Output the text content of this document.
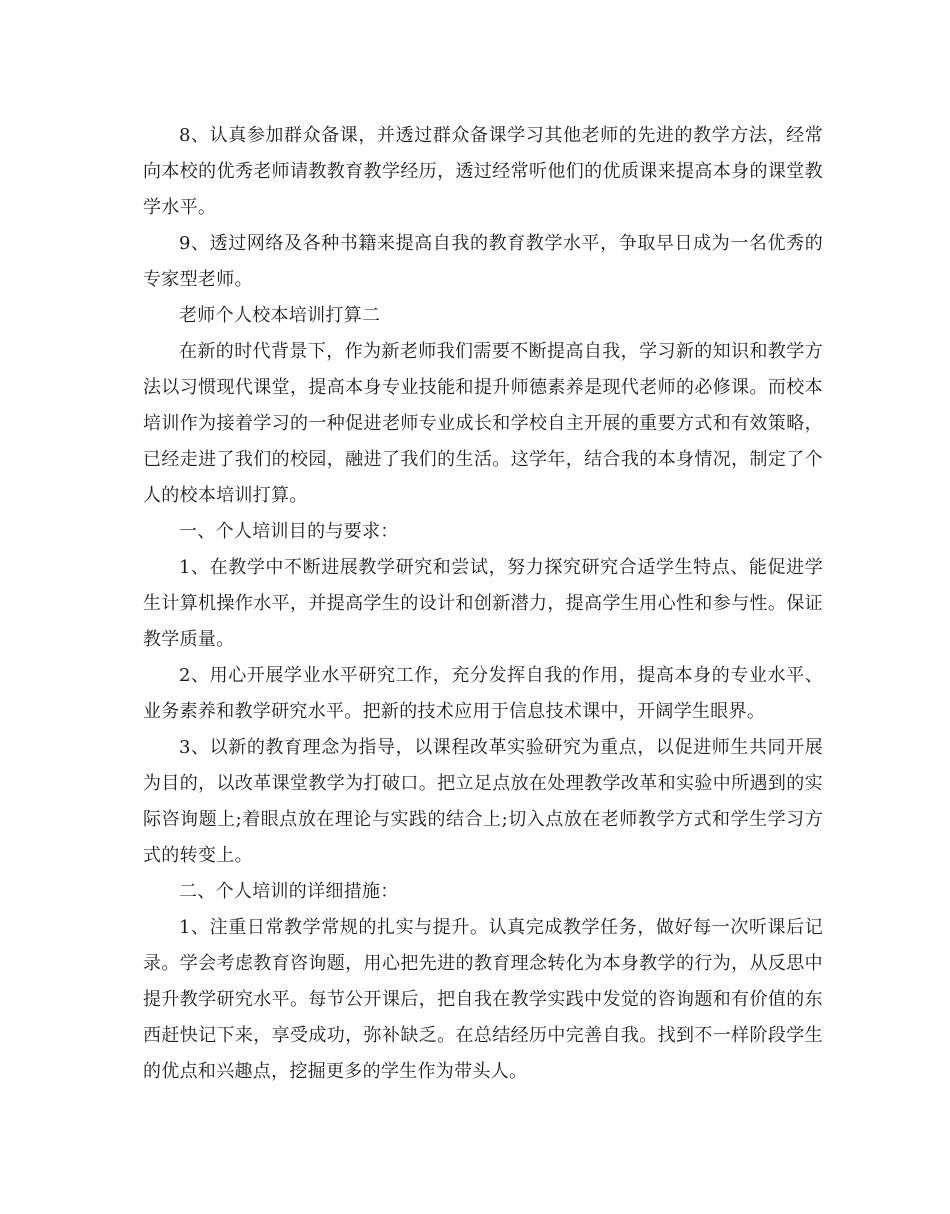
8、认真参加群众备课，并透过群众备课学习其他老师的先进的教学方法，经常向本校的优秀老师请教教育教学经历，透过经常听他们的优质课来提高本身的课堂教学水平。

9、透过网络及各种书籍来提高自我的教育教学水平，争取早日成为一名优秀的专家型老师。

老师个人校本培训打算二

在新的时代背景下，作为新老师我们需要不断提高自我，学习新的知识和教学方法以习惯现代课堂，提高本身专业技能和提升师德素养是现代老师的必修课。而校本培训作为接着学习的一种促进老师专业成长和学校自主开展的重要方式和有效策略，已经走进了我们的校园，融进了我们的生活。这学年，结合我的本身情况，制定了个人的校本培训打算。

一、个人培训目的与要求：

1、在教学中不断进展教学研究和尝试，努力探究研究合适学生特点、能促进学生计算机操作水平，并提高学生的设计和创新潜力，提高学生用心性和参与性。保证教学质量。

2、用心开展学业水平研究工作，充分发挥自我的作用，提高本身的专业水平、业务素养和教学研究水平。把新的技术应用于信息技术课中，开阔学生眼界。

3、以新的教育理念为指导，以课程改革实验研究为重点，以促进师生共同开展为目的，以改革课堂教学为打破口。把立足点放在处理教学改革和实验中所遇到的实际咨询题上;着眼点放在理论与实践的结合上;切入点放在老师教学方式和学生学习方式的转变上。

二、个人培训的详细措施：

1、注重日常教学常规的扎实与提升。认真完成教学任务，做好每一次听课后记录。学会考虑教育咨询题，用心把先进的教育理念转化为本身教学的行为，从反思中提升教学研究水平。每节公开课后，把自我在教学实践中发觉的咨询题和有价值的东西赶快记下来，享受成功，弥补缺乏。在总结经历中完善自我。找到不一样阶段学生的优点和兴趣点，挖掘更多的学生作为带头人。
